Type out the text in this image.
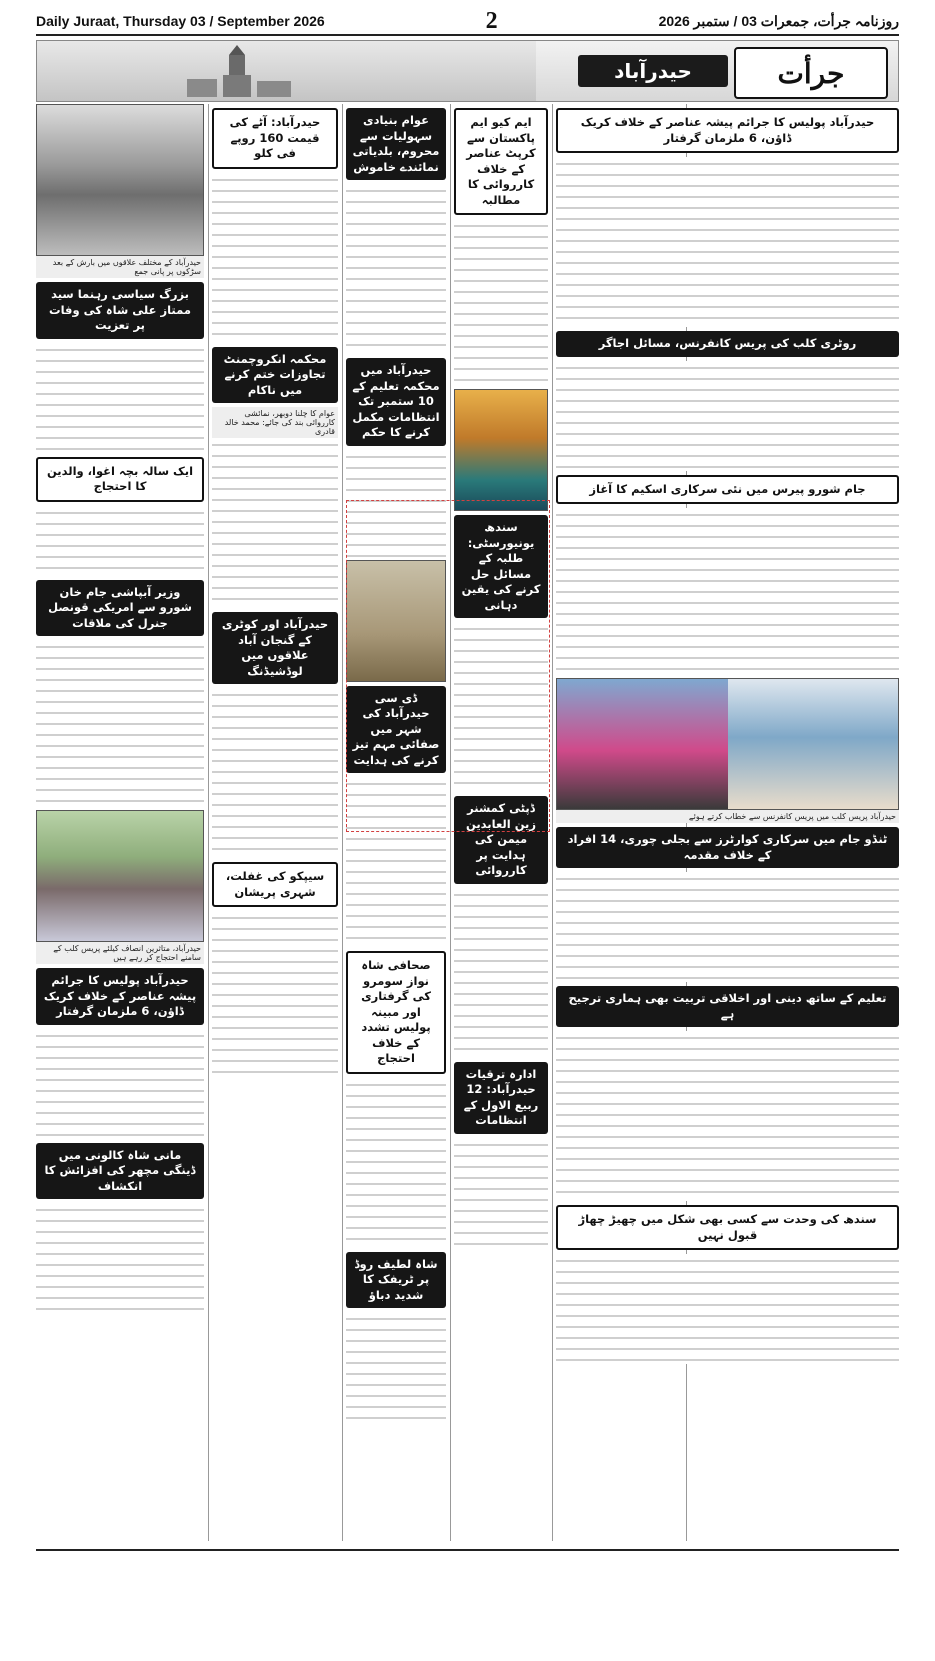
Daily Juraat, Thursday 03 / September 2026	2	روزنامہ جرأت، جمعرات 03 / ستمبر 2026
حیدرآباد	جرأت
حیدرآباد کے مختلف علاقوں میں بارش کے بعد سڑکوں پر پانی جمع
بزرگ سیاسی رہنما سید ممتاز علی شاہ کی وفات پر تعزیت
ایک سالہ بچہ اغوا، والدین کا احتجاج
وزیر آبپاشی جام خان شورو سے امریکی قونصل جنرل کی ملاقات
حیدرآباد، متاثرین انصاف کیلئے پریس کلب کے سامنے احتجاج کر رہے ہیں
حیدرآباد پولیس کا جرائم پیشہ عناصر کے خلاف کریک ڈاؤن، 6 ملزمان گرفتار
مانی شاہ کالونی میں ڈینگی مچھر کی افزائش کا انکشاف
حیدرآباد: آٹے کی قیمت 160 روپے فی کلو
محکمہ انکروچمنٹ تجاوزات ختم کرنے میں ناکام
عوام کا چلنا دوبھر، نمائشی کارروائی بند کی جائے: محمد خالد قادری
حیدرآباد اور کوٹری کے گنجان آباد علاقوں میں لوڈشیڈنگ
سیپکو کی غفلت، شہری پریشان
عوام بنیادی سہولیات سے محروم، بلدیاتی نمائندے خاموش
حیدرآباد میں محکمہ تعلیم کے 10 ستمبر تک انتظامات مکمل کرنے کا حکم
ڈی سی حیدرآباد کی شہر میں صفائی مہم تیز کرنے کی ہدایت
صحافی شاہ نواز سومرو کی گرفتاری اور مبینہ پولیس تشدد کے خلاف احتجاج
شاہ لطیف روڈ پر ٹریفک کا شدید دباؤ
ایم کیو ایم پاکستان سے کرپٹ عناصر کے خلاف کارروائی کا مطالبہ
سندھ یونیورسٹی: طلبہ کے مسائل حل کرنے کی یقین دہانی
ڈپٹی کمشنر زین العابدین میمن کی ہدایت پر کارروائی
ادارہ ترقیات حیدرآباد: 12 ربیع الاول کے انتظامات
حیدرآباد پولیس کا جرائم پیشہ عناصر کے خلاف کریک ڈاؤن، 6 ملزمان گرفتار
روٹری کلب کی پریس کانفرنس، مسائل اجاگر
جام شورو پیرس میں نئی سرکاری اسکیم کا آغاز
حیدرآباد پریس کلب میں پریس کانفرنس سے خطاب کرتے ہوئے
ٹنڈو جام میں سرکاری کوارٹرز سے بجلی چوری، 14 افراد کے خلاف مقدمہ
تعلیم کے ساتھ دینی اور اخلاقی تربیت بھی ہماری ترجیح ہے
سندھ کی وحدت سے کسی بھی شکل میں چھیڑ چھاڑ قبول نہیں
